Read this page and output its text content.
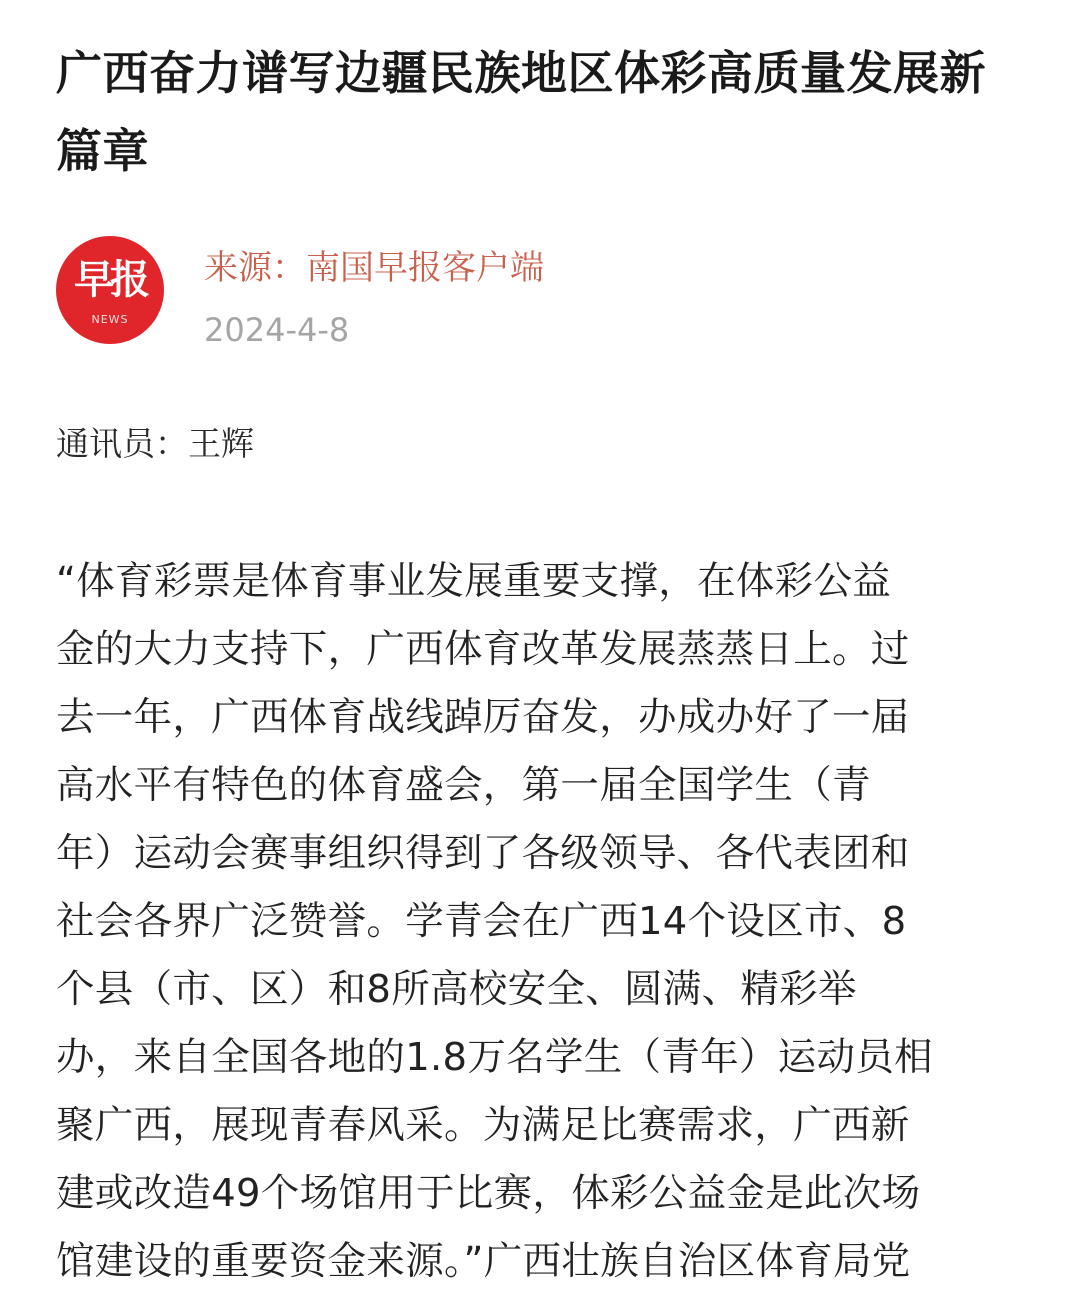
广西奋力谱写边疆民族地区体彩高质量发展新篇章
早报
NEWS
来源：南国早报客户端
2024-4-8
通讯员：王辉
“体育彩票是体育事业发展重要支撑，在体彩公益
金的大力支持下，广西体育改革发展蒸蒸日上。过
去一年，广西体育战线踔厉奋发，办成办好了一届
高水平有特色的体育盛会，第一届全国学生（青
年）运动会赛事组织得到了各级领导、各代表团和
社会各界广泛赞誉。学青会在广西14个设区市、8
个县（市、区）和8所高校安全、圆满、精彩举
办，来自全国各地的1.8万名学生（青年）运动员相
聚广西，展现青春风采。为满足比赛需求，广西新
建或改造49个场馆用于比赛，体彩公益金是此次场
馆建设的重要资金来源。”广西壮族自治区体育局党
